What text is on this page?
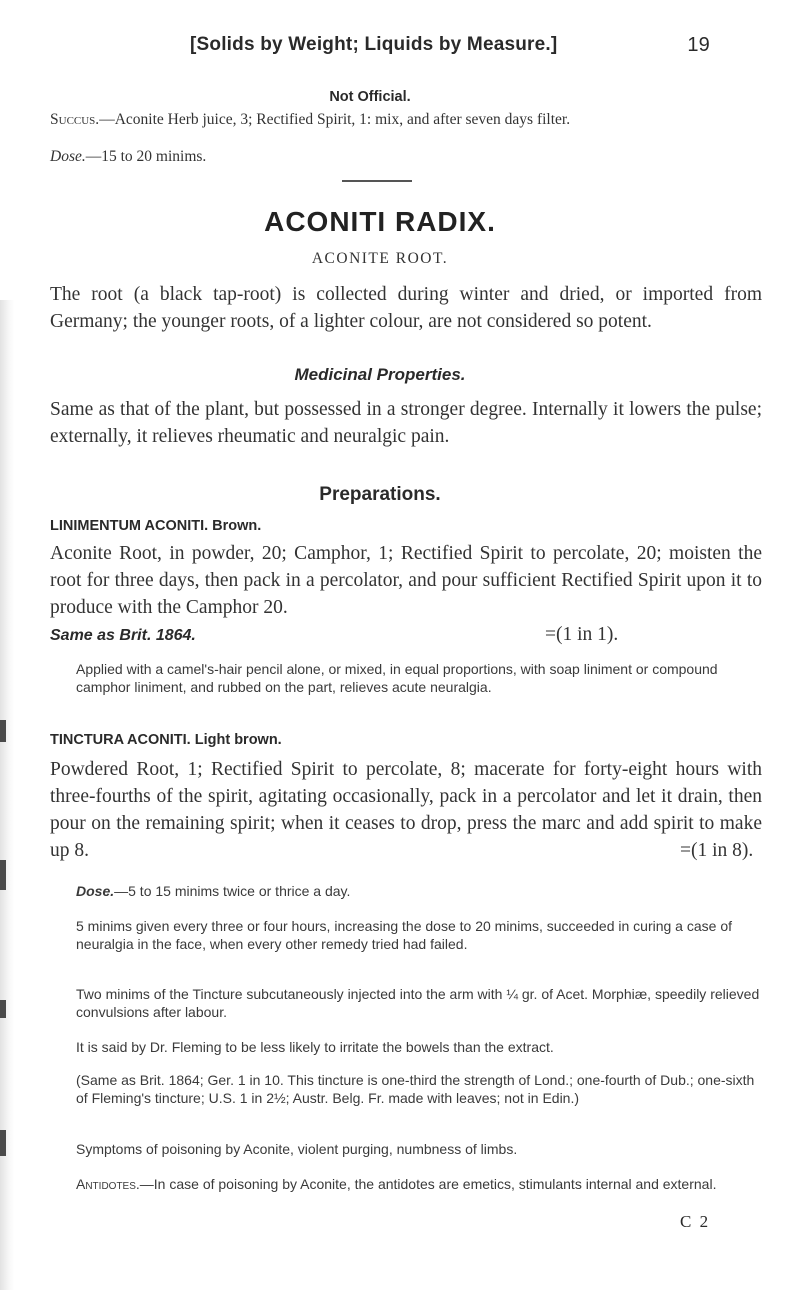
[Solids by Weight; Liquids by Measure.]	19
Not Official.
Succus.—Aconite Herb juice, 3; Rectified Spirit, 1: mix, and after seven days filter.
Dose.—15 to 20 minims.
ACONITI RADIX.
ACONITE ROOT.
The root (a black tap-root) is collected during winter and dried, or imported from Germany; the younger roots, of a lighter colour, are not considered so potent.
Medicinal Properties.
Same as that of the plant, but possessed in a stronger degree. Internally it lowers the pulse; externally, it relieves rheumatic and neuralgic pain.
Preparations.
LINIMENTUM ACONITI. Brown.
Aconite Root, in powder, 20; Camphor, 1; Rectified Spirit to percolate, 20; moisten the root for three days, then pack in a percolator, and pour sufficient Rectified Spirit upon it to produce with the Camphor 20.
Same as Brit. 1864.	=(1 in 1).
Applied with a camel's-hair pencil alone, or mixed, in equal proportions, with soap liniment or compound camphor liniment, and rubbed on the part, relieves acute neuralgia.
TINCTURA ACONITI. Light brown.
Powdered Root, 1; Rectified Spirit to percolate, 8; macerate for forty-eight hours with three-fourths of the spirit, agitating occasionally, pack in a percolator and let it drain, then pour on the remaining spirit; when it ceases to drop, press the marc and add spirit to make up 8.	=(1 in 8).
Dose.—5 to 15 minims twice or thrice a day.
5 minims given every three or four hours, increasing the dose to 20 minims, succeeded in curing a case of neuralgia in the face, when every other remedy tried had failed.
Two minims of the Tincture subcutaneously injected into the arm with ¼ gr. of Acet. Morphiæ, speedily relieved convulsions after labour.
It is said by Dr. Fleming to be less likely to irritate the bowels than the extract.
(Same as Brit. 1864; Ger. 1 in 10. This tincture is one-third the strength of Lond.; one-fourth of Dub.; one-sixth of Fleming's tincture; U.S. 1 in 2½; Austr. Belg. Fr. made with leaves; not in Edin.)
Symptoms of poisoning by Aconite, violent purging, numbness of limbs.
Antidotes.—In case of poisoning by Aconite, the antidotes are emetics, stimulants internal and external.
C 2
